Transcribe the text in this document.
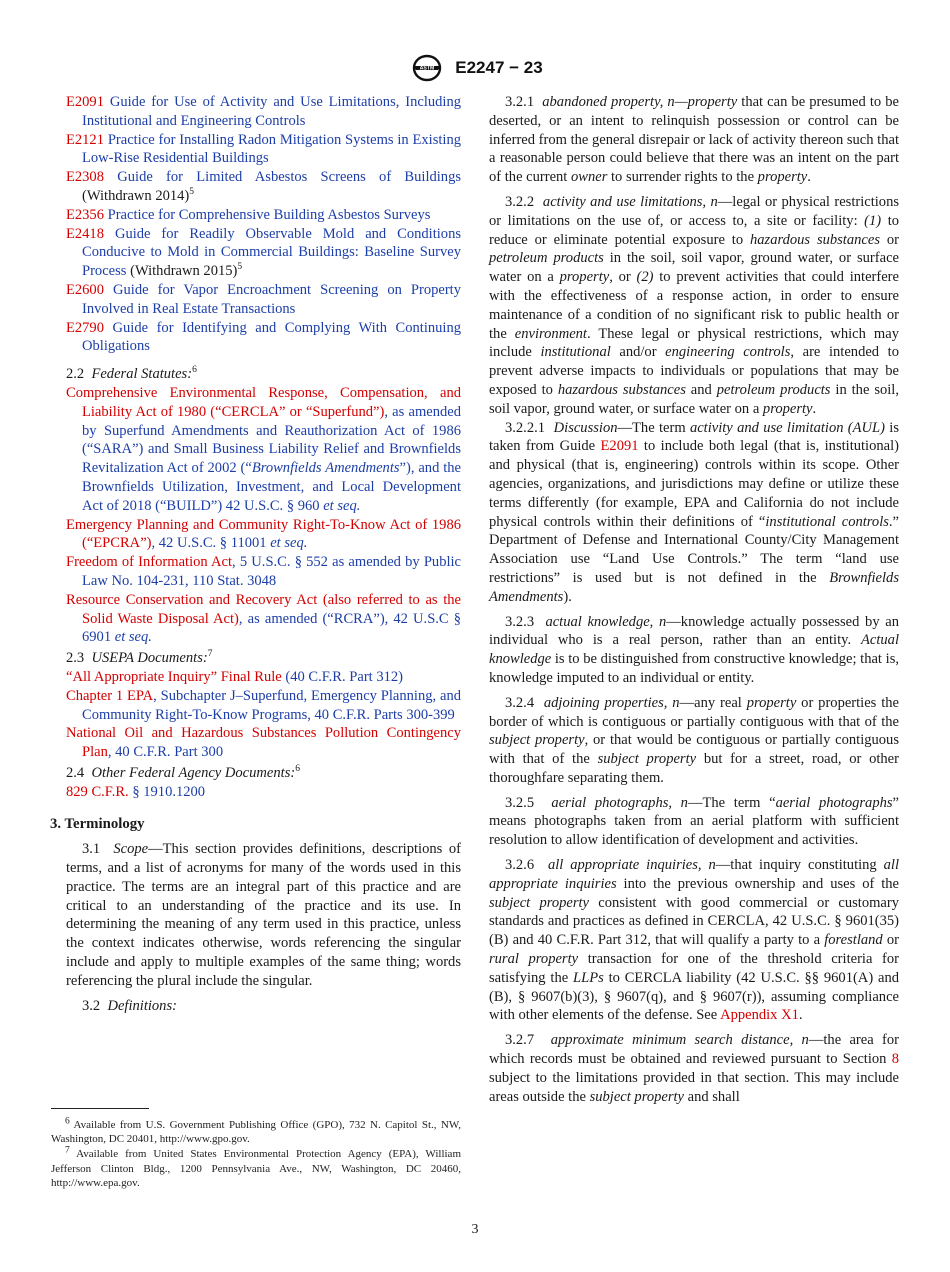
ASTM E2247 − 23

E2091 Guide for Use of Activity and Use Limitations, Including Institutional and Engineering Controls

E2121 Practice for Installing Radon Mitigation Systems in Existing Low-Rise Residential Buildings

E2308 Guide for Limited Asbestos Screens of Buildings (Withdrawn 2014)$^5$

E2356 Practice for Comprehensive Building Asbestos Surveys

E2418 Guide for Readily Observable Mold and Conditions Conducive to Mold in Commercial Buildings: Baseline Survey Process (Withdrawn 2015)$^5$

E2600 Guide for Vapor Encroachment Screening on Property Involved in Real Estate Transactions

E2790 Guide for Identifying and Complying With Continuing Obligations

2.2 Federal Statutes:$^6$

Comprehensive Environmental Response, Compensation, and Liability Act of 1980 (“CERCLA” or “Superfund”), as amended by Superfund Amendments and Reauthorization Act of 1986 (“SARA”) and Small Business Liability Relief and Brownfields Revitalization Act of 2002 (“Brownfields Amendments”), and the Brownfields Utilization, Investment, and Local Development Act of 2018 (“BUILD”) 42 U.S.C. § 960 et seq.

Emergency Planning and Community Right-To-Know Act of 1986 (“EPCRA”), 42 U.S.C. § 11001 et seq.

Freedom of Information Act, 5 U.S.C. § 552 as amended by Public Law No. 104-231, 110 Stat. 3048

Resource Conservation and Recovery Act (also referred to as the Solid Waste Disposal Act), as amended (“RCRA”), 42 U.S.C § 6901 et seq.

2.3 USEPA Documents:$^7$

“All Appropriate Inquiry” Final Rule (40 C.F.R. Part 312)

Chapter 1 EPA, Subchapter J–Superfund, Emergency Planning, and Community Right-To-Know Programs, 40 C.F.R. Parts 300-399

National Oil and Hazardous Substances Pollution Contingency Plan, 40 C.F.R. Part 300

2.4 Other Federal Agency Documents:$^6$

829 C.F.R. § 1910.1200

3. Terminology

3.1 Scope—This section provides definitions, descriptions of terms, and a list of acronyms for many of the words used in this practice. The terms are an integral part of this practice and are critical to an understanding of the practice and its use. In determining the meaning of any term used in this practice, unless the context indicates otherwise, words referencing the singular include and apply to multiple examples of the same thing; words referencing the plural include the singular.

3.2 Definitions:

3.2.1 abandoned property, n—property that can be presumed to be deserted, or an intent to relinquish possession or control can be inferred from the general disrepair or lack of activity thereon such that a reasonable person could believe that there was an intent on the part of the current owner to surrender rights to the property.

3.2.2 activity and use limitations, n—legal or physical restrictions or limitations on the use of, or access to, a site or facility: (1) to reduce or eliminate potential exposure to hazardous substances or petroleum products in the soil, soil vapor, ground water, or surface water on a property, or (2) to prevent activities that could interfere with the effectiveness of a response action, in order to ensure maintenance of a condition of no significant risk to public health or the environment. These legal or physical restrictions, which may include institutional and/or engineering controls, are intended to prevent adverse impacts to individuals or populations that may be exposed to hazardous substances and petroleum products in the soil, soil vapor, ground water, or surface water on a property.

3.2.2.1 Discussion—The term activity and use limitation (AUL) is taken from Guide E2091 to include both legal (that is, institutional) and physical (that is, engineering) controls within its scope. Other agencies, organizations, and jurisdictions may define or utilize these terms differently (for example, EPA and California do not include physical controls within their definitions of “institutional controls.” Department of Defense and International County/City Management Association use “Land Use Controls.” The term “land use restrictions” is used but is not defined in the Brownfields Amendments).

3.2.3 actual knowledge, n—knowledge actually possessed by an individual who is a real person, rather than an entity. Actual knowledge is to be distinguished from constructive knowledge; that is, knowledge imputed to an individual or entity.

3.2.4 adjoining properties, n—any real property or properties the border of which is contiguous or partially contiguous with that of the subject property, or that would be contiguous or partially contiguous with that of the subject property but for a street, road, or other thoroughfare separating them.

3.2.5 aerial photographs, n—The term “aerial photographs” means photographs taken from an aerial platform with sufficient resolution to allow identification of development and activities.

3.2.6 all appropriate inquiries, n—that inquiry constituting all appropriate inquiries into the previous ownership and uses of the subject property consistent with good commercial or customary standards and practices as defined in CERCLA, 42 U.S.C. § 9601(35)(B) and 40 C.F.R. Part 312, that will qualify a party to a forestland or rural property transaction for one of the threshold criteria for satisfying the LLPs to CERCLA liability (42 U.S.C. §§ 9601(A) and (B), § 9607(b)(3), § 9607(q), and § 9607(r)), assuming compliance with other elements of the defense. See Appendix X1.

3.2.7 approximate minimum search distance, n—the area for which records must be obtained and reviewed pursuant to Section 8 subject to the limitations provided in that section. This may include areas outside the subject property and shall

$^6$ Available from U.S. Government Publishing Office (GPO), 732 N. Capitol St., NW, Washington, DC 20401, http://www.gpo.gov.

$^7$ Available from United States Environmental Protection Agency (EPA), William Jefferson Clinton Bldg., 1200 Pennsylvania Ave., NW, Washington, DC 20460, http://www.epa.gov.

3
